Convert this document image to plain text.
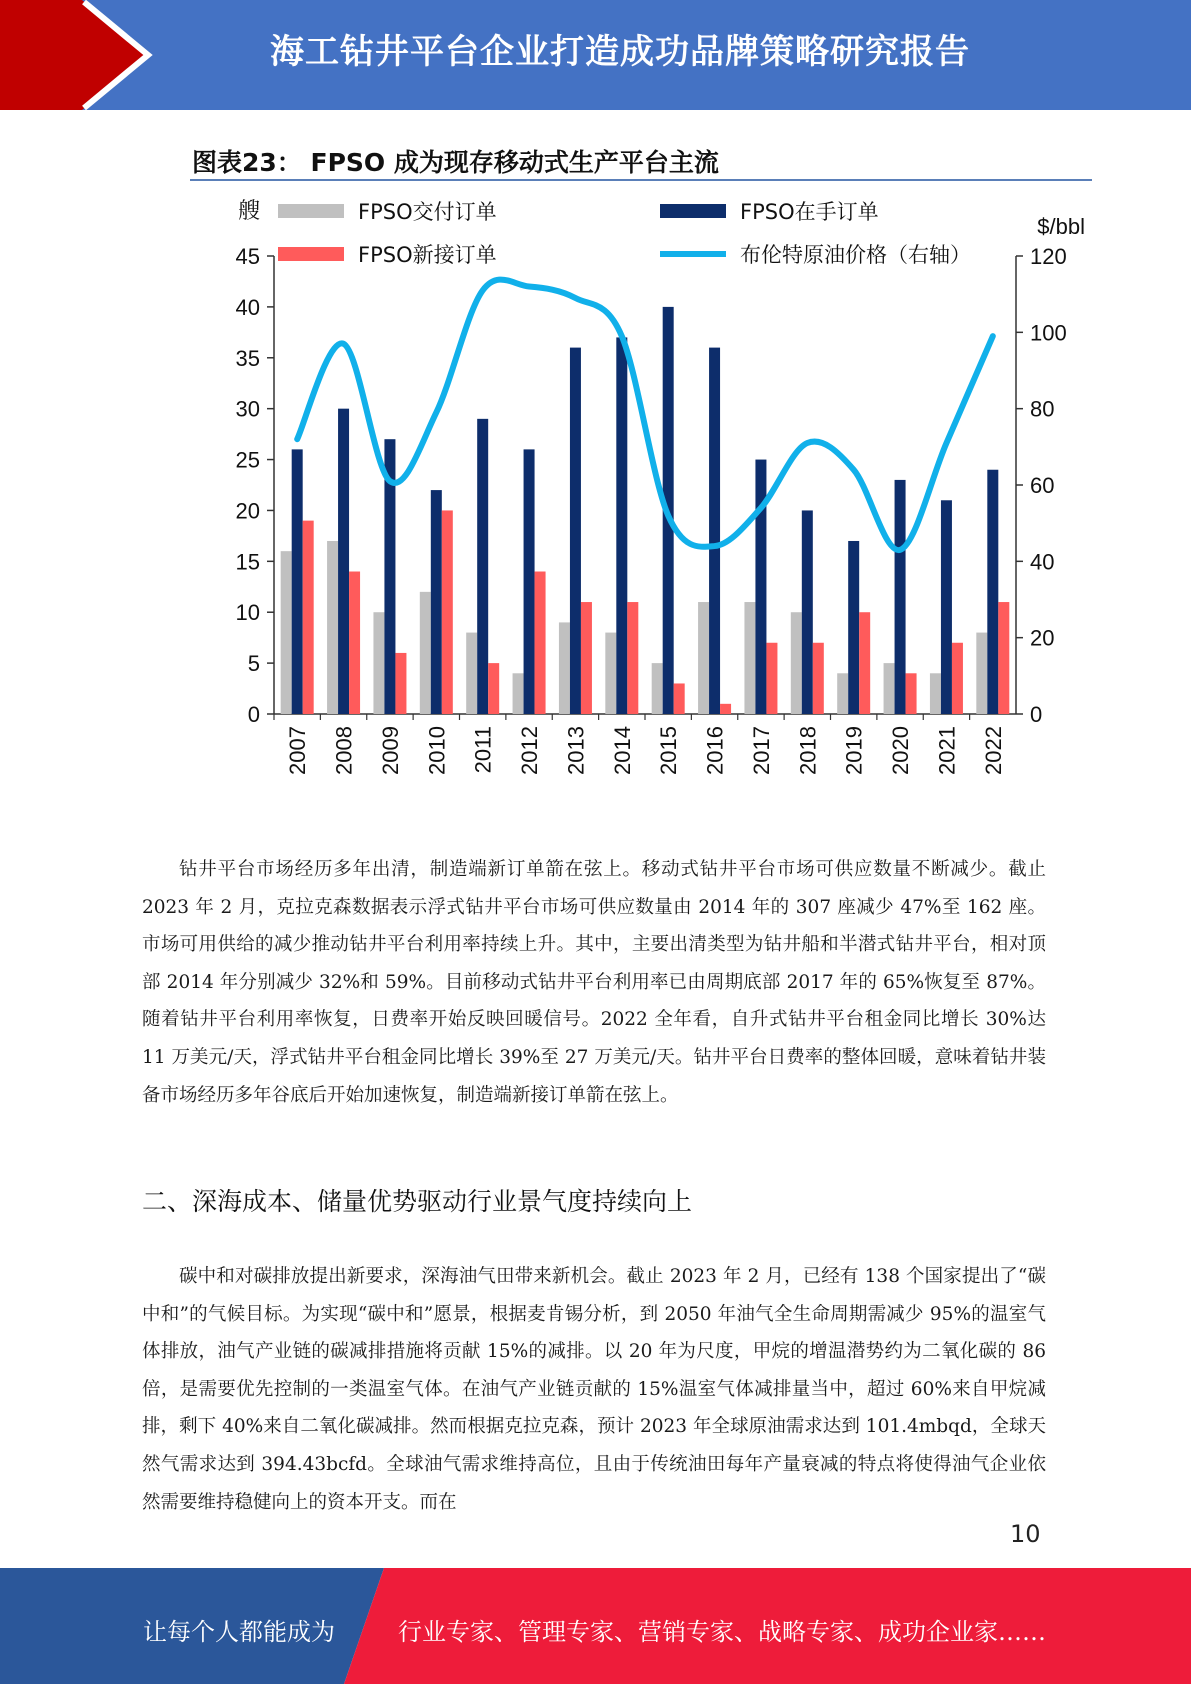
海工钻井平台企业打造成功品牌策略研究报告
图表23： FPSO 成为现存移动式生产平台主流
FPSO交付订单	FPSO在手订单
FPSO新接订单	布伦特原油价格（右轴）
0
5
10
15
20
25
30
35
40
45
0
20
40
60
80
100
120
艘
$/bbl
2007 2008 2009 2010 2011 2012 2013 2014 2015 2016 2017 2018 2019 2020 2021 2022

钻井平台市场经历多年出清，制造端新订单箭在弦上。移动式钻井平台市场可供应数量不断减少。截止 2023 年 2 月，克拉克森数据表示浮式钻井平台市场可供应数量由 2014 年的 307 座减少 47%至 162 座。市场可用供给的减少推动钻井平台利用率持续上升。其中，主要出清类型为钻井船和半潜式钻井平台，相对顶部 2014 年分别减少 32%和 59%。目前移动式钻井平台利用率已由周期底部 2017 年的 65%恢复至 87%。随着钻井平台利用率恢复，日费率开始反映回暖信号。2022 全年看，自升式钻井平台租金同比增长 30%达 11 万美元/天，浮式钻井平台租金同比增长 39%至 27 万美元/天。钻井平台日费率的整体回暖，意味着钻井装备市场经历多年谷底后开始加速恢复，制造端新接订单箭在弦上。

二、深海成本、储量优势驱动行业景气度持续向上

碳中和对碳排放提出新要求，深海油气田带来新机会。截止 2023 年 2 月，已经有 138 个国家提出了“碳中和”的气候目标。为实现“碳中和”愿景，根据麦肯锡分析，到 2050 年油气全生命周期需减少 95%的温室气体排放，油气产业链的碳减排措施将贡献 15%的减排。以 20 年为尺度，甲烷的增温潜势约为二氧化碳的 86 倍，是需要优先控制的一类温室气体。在油气产业链贡献的 15%温室气体减排量当中，超过 60%来自甲烷减排，剩下 40%来自二氧化碳减排。然而根据克拉克森，预计 2023 年全球原油需求达到 101.4mbqd，全球天然气需求达到 394.43bcfd。全球油气需求维持高位，且由于传统油田每年产量衰减的特点将使得油气企业依然需要维持稳健向上的资本开支。而在

10
让每个人都能成为	行业专家、管理专家、营销专家、战略专家、成功企业家……
